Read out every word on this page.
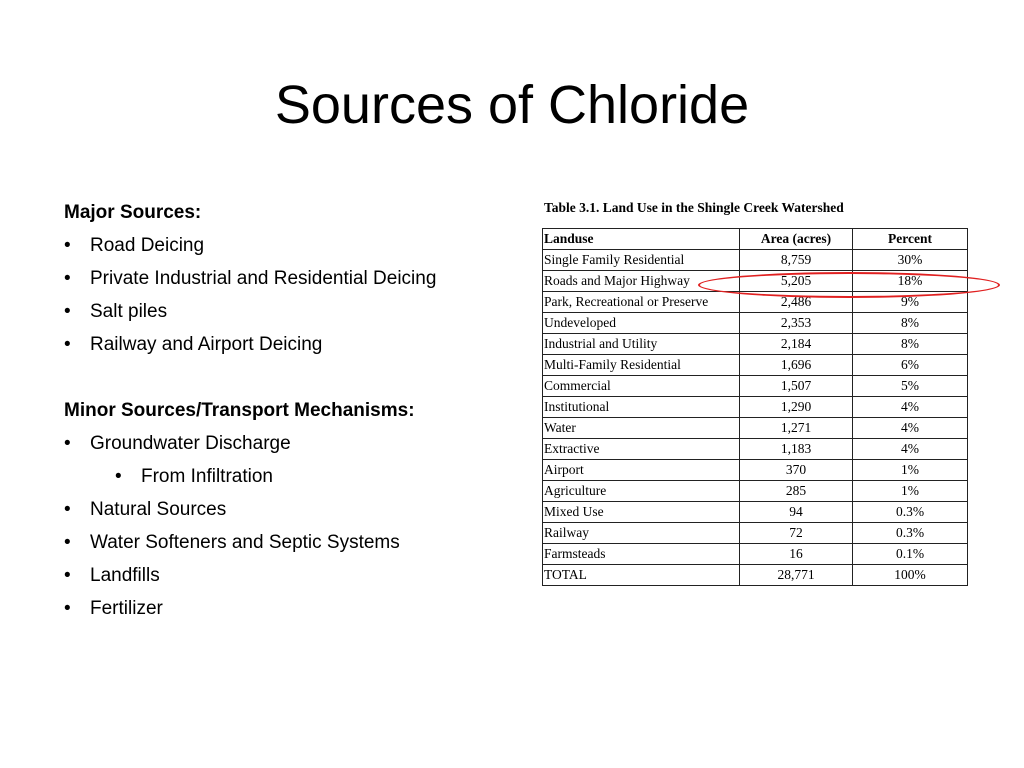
Sources of Chloride
Major Sources:
• Road Deicing
• Private Industrial and Residential Deicing
• Salt piles
• Railway and Airport Deicing
Minor Sources/Transport Mechanisms:
• Groundwater Discharge
• From Infiltration
• Natural Sources
• Water Softeners and Septic Systems
• Landfills
• Fertilizer
Table 3.1. Land Use in the Shingle Creek Watershed
Landuse	Area (acres)	Percent
Single Family Residential	8,759	30%
Roads and Major Highway	5,205	18%
Park, Recreational or Preserve	2,486	9%
Undeveloped	2,353	8%
Industrial and Utility	2,184	8%
Multi-Family Residential	1,696	6%
Commercial	1,507	5%
Institutional	1,290	4%
Water	1,271	4%
Extractive	1,183	4%
Airport	370	1%
Agriculture	285	1%
Mixed Use	94	0.3%
Railway	72	0.3%
Farmsteads	16	0.1%
TOTAL	28,771	100%
